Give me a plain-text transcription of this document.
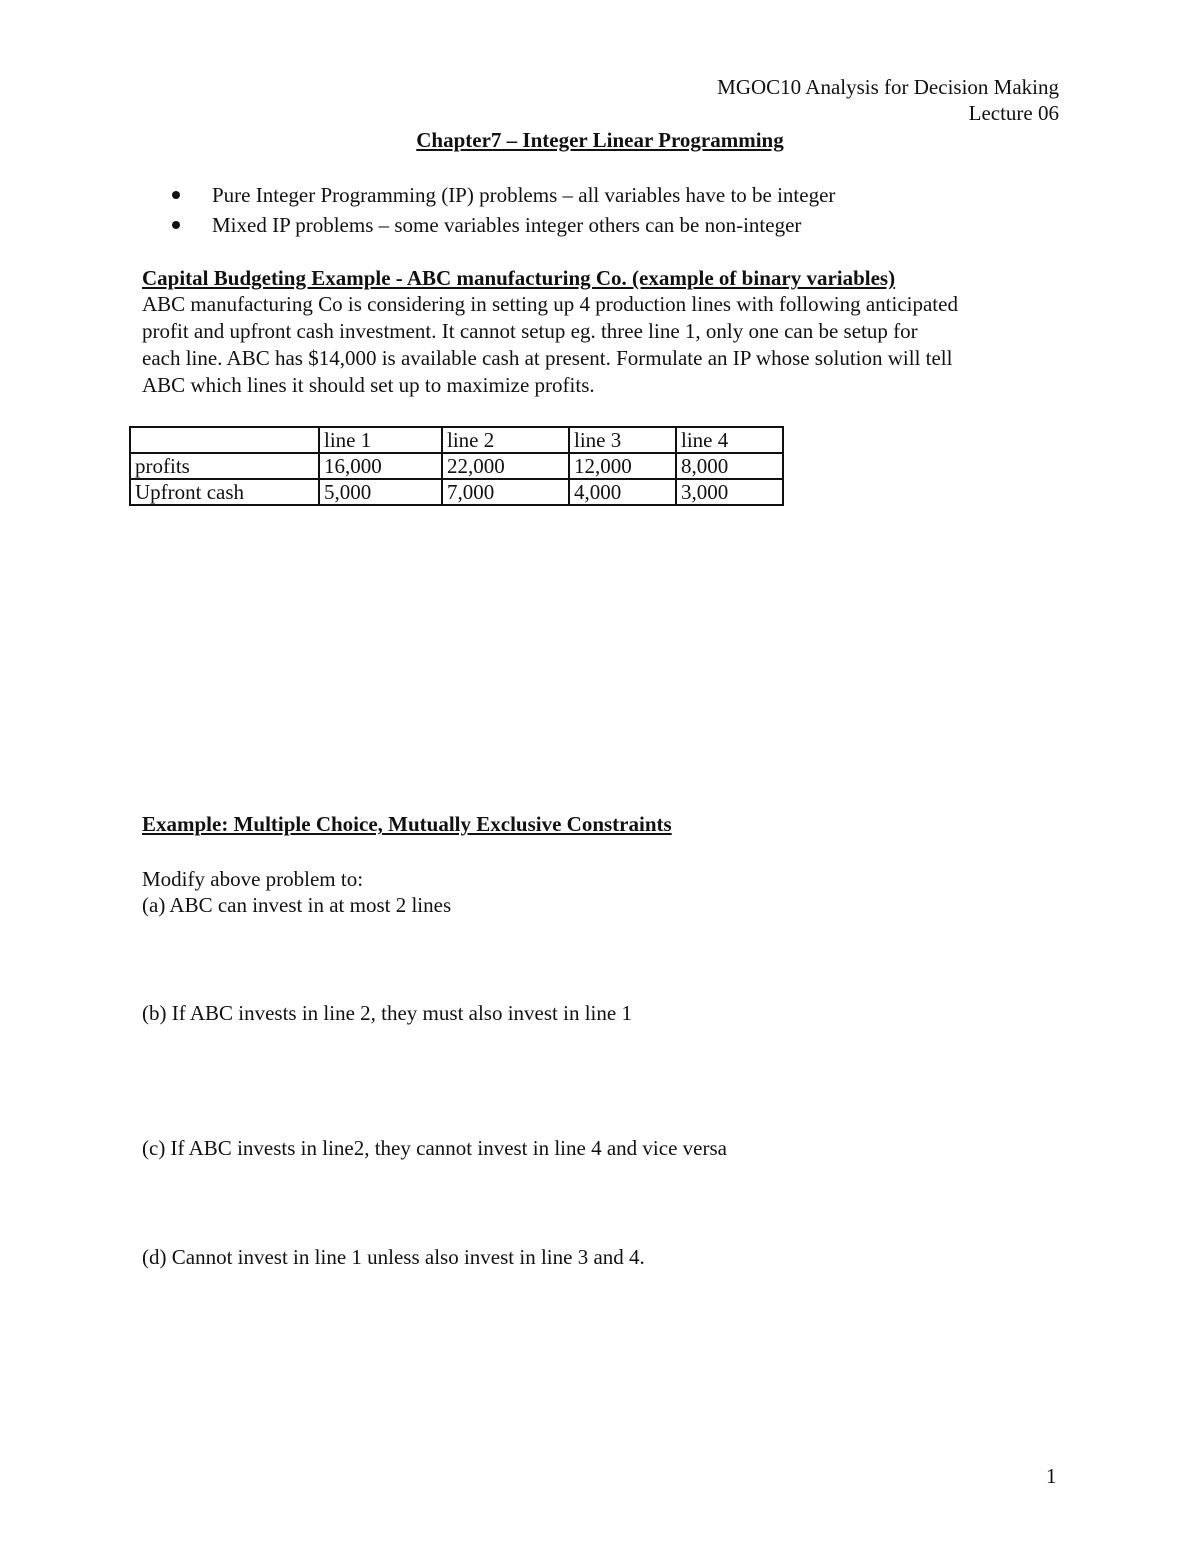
MGOC10 Analysis for Decision Making
Lecture 06
Chapter7 – Integer Linear Programming
Pure Integer Programming (IP) problems – all variables have to be integer
Mixed IP problems – some variables integer others can be non-integer
Capital Budgeting Example - ABC manufacturing Co. (example of binary variables)
ABC manufacturing Co is considering in setting up 4 production lines with following anticipated
profit and upfront cash investment. It cannot setup eg. three line 1, only one can be setup for
each line. ABC has $14,000 is available cash at present. Formulate an IP whose solution will tell
ABC which lines it should set up to maximize profits.
	line 1	line 2	line 3	line 4
profits	16,000	22,000	12,000	8,000
Upfront cash	5,000	7,000	4,000	3,000
Example: Multiple Choice, Mutually Exclusive Constraints
Modify above problem to:
(a) ABC can invest in at most 2 lines
(b) If ABC invests in line 2, they must also invest in line 1
(c) If ABC invests in line2, they cannot invest in line 4 and vice versa
(d) Cannot invest in line 1 unless also invest in line 3 and 4.
1
